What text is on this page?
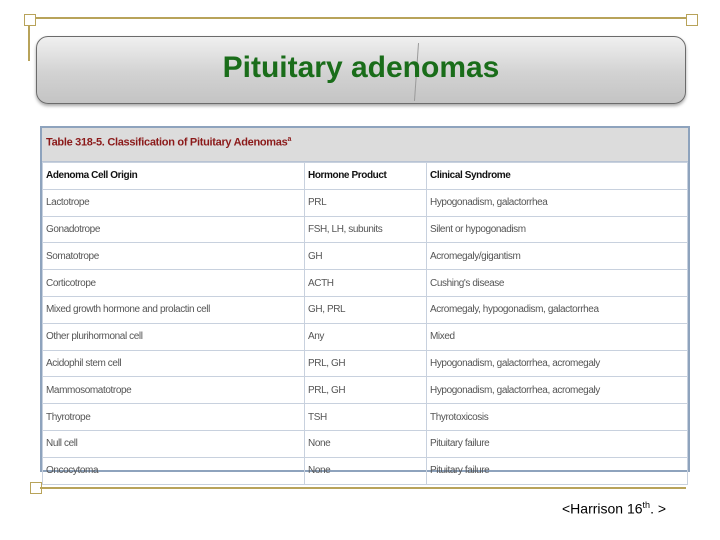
Pituitary adenomas
Table 318-5. Classification of Pituitary Adenomas$^a$
Adenoma Cell Origin	Hormone Product	Clinical Syndrome
Lactotrope	PRL	Hypogonadism, galactorrhea
Gonadotrope	FSH, LH, subunits	Silent or hypogonadism
Somatotrope	GH	Acromegaly/gigantism
Corticotrope	ACTH	Cushing's disease
Mixed growth hormone and prolactin cell	GH, PRL	Acromegaly, hypogonadism, galactorrhea
Other plurihormonal cell	Any	Mixed
Acidophil stem cell	PRL, GH	Hypogonadism, galactorrhea, acromegaly
Mammosomatotrope	PRL, GH	Hypogonadism, galactorrhea, acromegaly
Thyrotrope	TSH	Thyrotoxicosis
Null cell	None	Pituitary failure
Oncocytoma	None	Pituitary failure
<Harrison 16th. >
